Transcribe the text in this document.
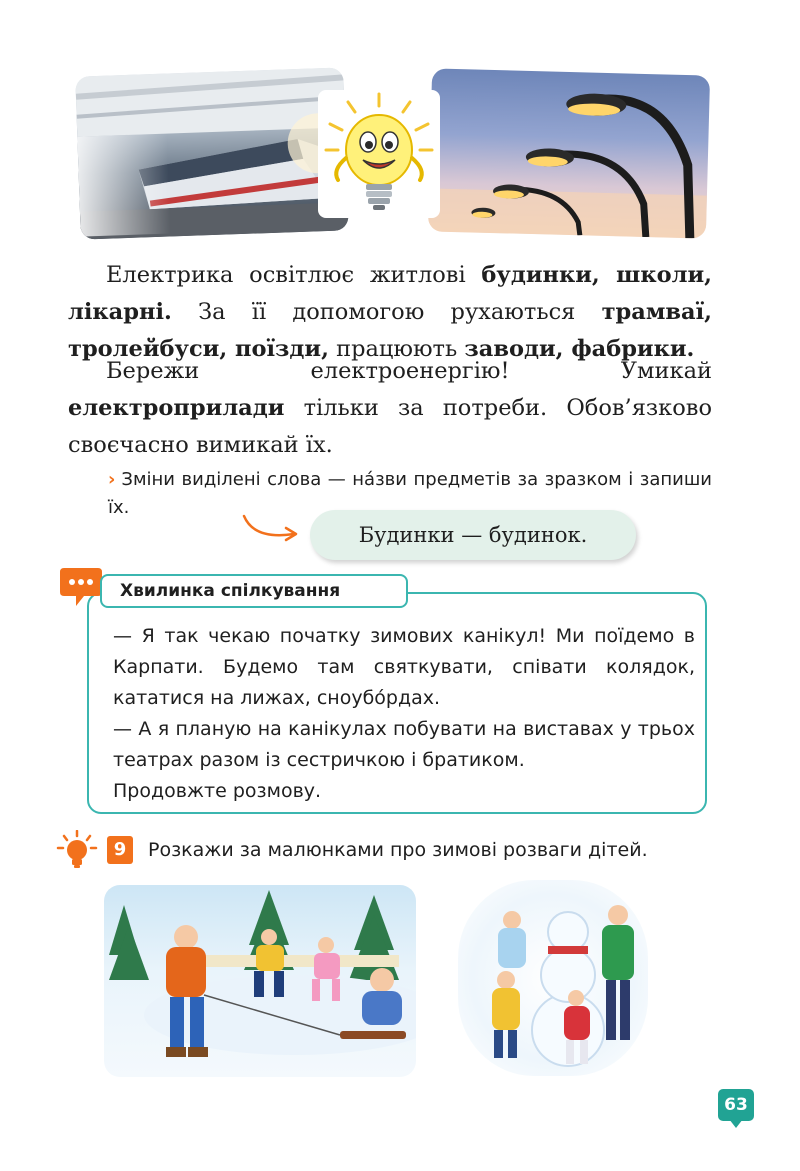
Електрика освітлює житлові будинки, школи, лікарні. За її допомогою рухаються трамваї, тролейбуси, поїзди, працюють заводи, фабрики.
Бережи електроенергію! Умикай електроприлади тільки за потреби. Обов’язково своєчасно вимикай їх.
› Зміни виділені слова — на́зви предметів за зразком і запиши їх.
Будинки — будинок.
Хвилинка спілкування

— Я так чекаю початку зимових канікул! Ми поїдемо в Карпати. Будемо там святкувати, співати колядок, кататися на лижах, сноубо́рдах.

— А я планую на канікулах побувати на виставах у трьох театрах разом із сестричкою і братиком.

Продовжте розмову.

9	Розкажи за малюнками про зимові розваги дітей.
63
